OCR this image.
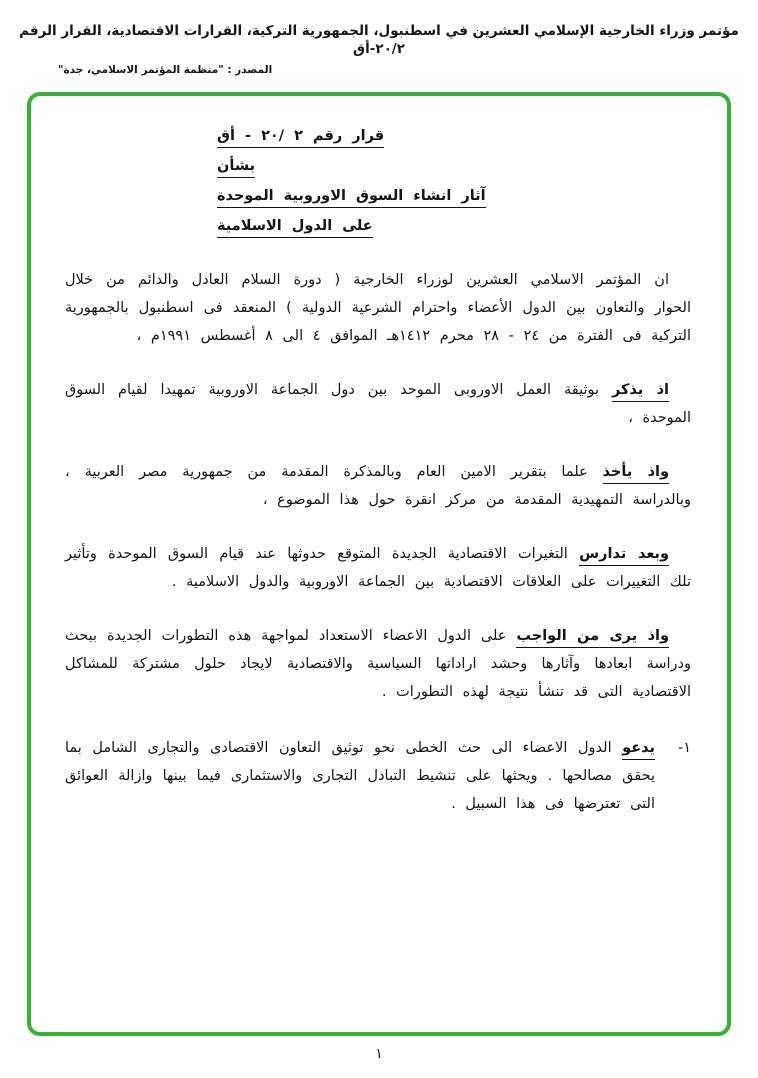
مؤتمر وزراء الخارجية الإسلامي العشرين في اسطنبول، الجمهورية التركية، القرارات الاقتصادية، القرار الرقم ٢٠/٢-أق
المصدر : "منظمة المؤتمر الاسلامي، جدة"
قرار رقم ٢ /٢٠ - أق
بشأن
آثار انشاء السوق الاوروبية الموحدة
على الدول الاسلامية

ان المؤتمر الاسلامي العشرين لوزراء الخارجية ( دورة السلام العادل والدائم من خلال الحوار والتعاون بين الدول الأعضاء واحترام الشرعية الدولية ) المنعقد فى اسطنبول بالجمهورية التركية فى الفترة من ٢٤ - ٢٨ محرم ١٤١٢هـ الموافق ٤ الى ٨ أغسطس ١٩٩١م ،

اذ يذكر بوثيقة العمل الاوروبى الموحد بين دول الجماعة الاوروبية تمهيدا لقيام السوق الموحدة ،

واذ يأخذ علما بتقرير الامين العام وبالمذكرة المقدمة من جمهورية مصر العربية ، وبالدراسة التمهيدية المقدمة من مركز انقرة حول هذا الموضوع ،

وبعد تدارس التغيرات الاقتصادية الجديدة المتوقع حدوثها عند قيام السوق الموحدة وتأثير تلك التغييرات على العلاقات الاقتصادية بين الجماعة الاوروبية والدول الاسلامية .

واذ يرى من الواجب على الدول الاعضاء الاستعداد لمواجهة هذه التطورات الجديدة ببحث ودراسة ابعادها وآثارها وحشد اراداتها السياسية والاقتصادية لايجاد حلول مشتركة للمشاكل الاقتصادية التى قد تنشأ نتيجة لهذه التطورات .

١-

يدعو الدول الاعضاء الى حث الخطى نحو توثيق التعاون الاقتصادى والتجارى الشامل بما يحقق مصالحها . ويحثها على تنشيط التبادل التجارى والاستثمارى فيما بينها وازالة العوائق التى تعترضها فى هذا السبيل .

١
